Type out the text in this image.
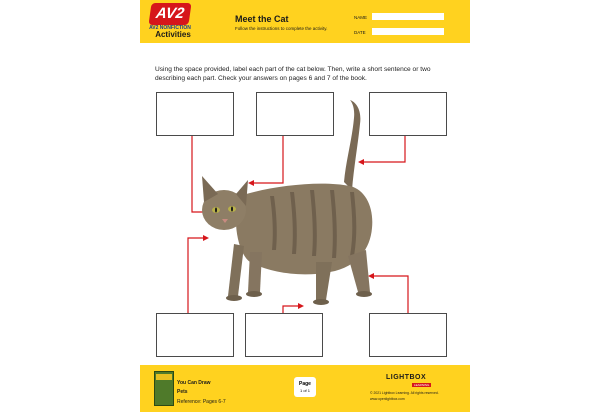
AV2
AV2 NONFICTION
Activities
Meet the Cat
Follow the instructions to complete the activity.
NAME
DATE
Using the space provided, label each part of the cat below. Then, write a short sentence or two describing each part. Check your answers on pages 6 and 7 of the book.
You Can Draw
Pets
Reference: Pages 6-7
Page
1 of 1
LIGHTBOX
LEARNING
© 2021 Lightbox Learning. All rights reserved.
www.openlightbox.com
